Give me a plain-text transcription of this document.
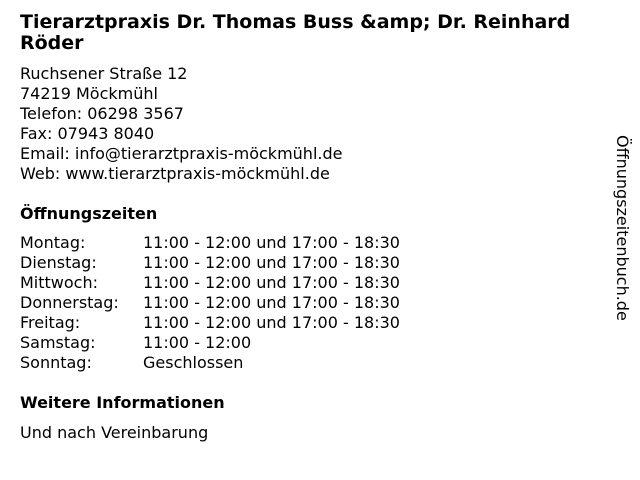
Tierarztpraxis Dr. Thomas Buss &amp; Dr. Reinhard Röder
Ruchsener Straße 12
74219 Möckmühl
Telefon: 06298 3567
Fax: 07943 8040
Email: info@tierarztpraxis-möckmühl.de
Web: www.tierarztpraxis-möckmühl.de
Öffnungszeiten
Montag:	11:00 - 12:00 und 17:00 - 18:30
Dienstag:	11:00 - 12:00 und 17:00 - 18:30
Mittwoch:	11:00 - 12:00 und 17:00 - 18:30
Donnerstag:	11:00 - 12:00 und 17:00 - 18:30
Freitag:	11:00 - 12:00 und 17:00 - 18:30
Samstag:	11:00 - 12:00
Sonntag:	Geschlossen
Weitere Informationen
Und nach Vereinbarung
Öffnungszeitenbuch.de
